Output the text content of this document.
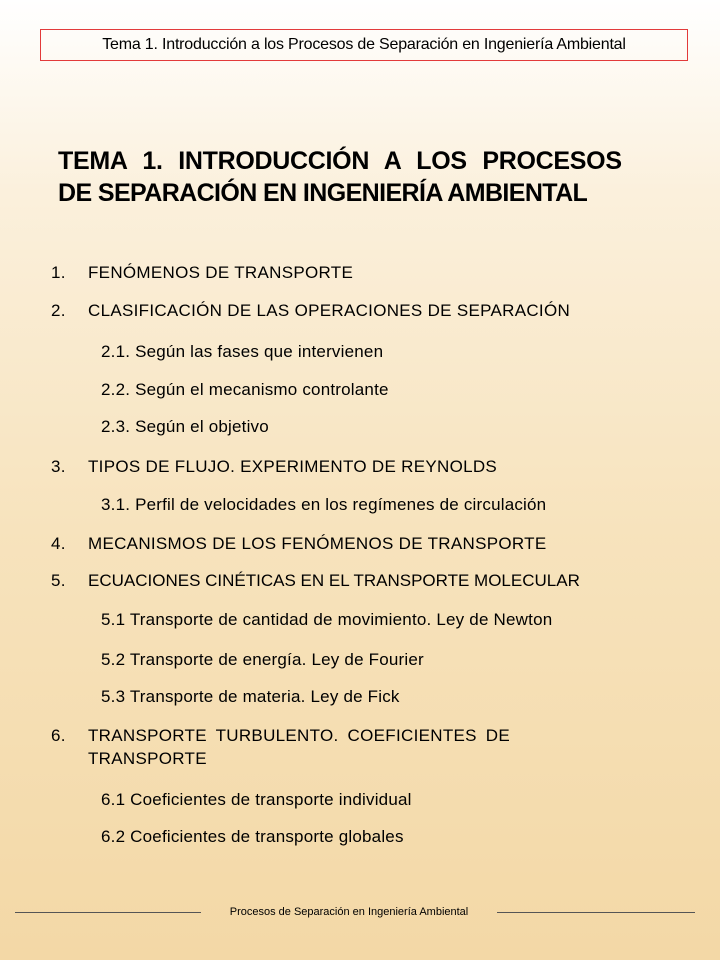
Tema 1. Introducción a los Procesos de Separación en Ingeniería Ambiental
TEMA 1. INTRODUCCIÓN A LOS PROCESOS
DE SEPARACIÓN EN INGENIERÍA AMBIENTAL
1. FENÓMENOS DE TRANSPORTE
2. CLASIFICACIÓN DE LAS OPERACIONES DE SEPARACIÓN
2.1. Según las fases que intervienen
2.2. Según el mecanismo controlante
2.3. Según el objetivo
3. TIPOS DE FLUJO. EXPERIMENTO DE REYNOLDS
3.1. Perfil de velocidades en los regímenes de circulación
4. MECANISMOS DE LOS FENÓMENOS DE TRANSPORTE
5. ECUACIONES CINÉTICAS EN EL TRANSPORTE MOLECULAR
5.1 Transporte de cantidad de movimiento. Ley de Newton
5.2 Transporte de energía. Ley de Fourier
5.3 Transporte de materia. Ley de Fick
6. TRANSPORTE TURBULENTO. COEFICIENTES DE
TRANSPORTE
6.1 Coeficientes de transporte individual
6.2 Coeficientes de transporte globales
Procesos de Separación en Ingeniería Ambiental
